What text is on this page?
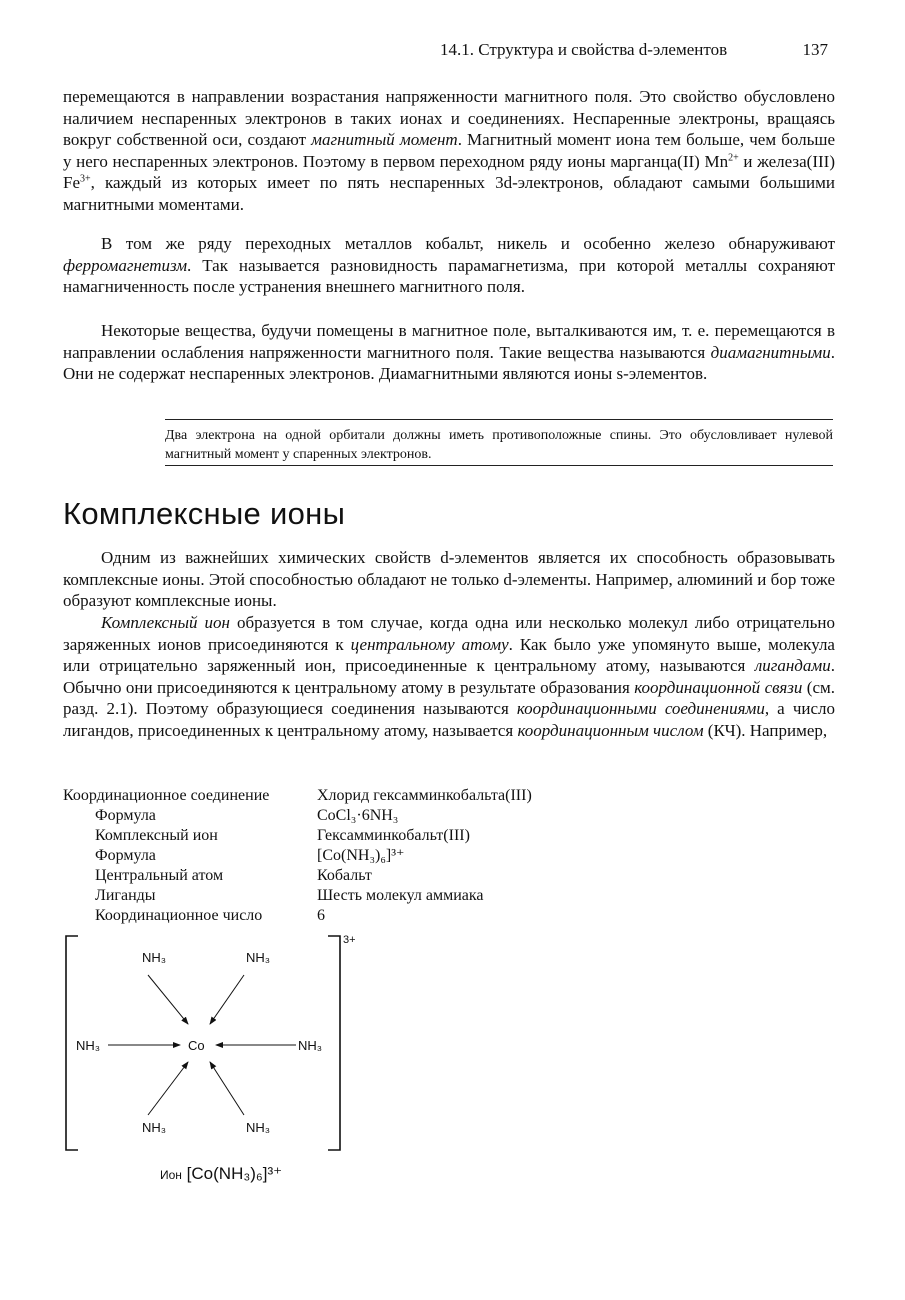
14.1. Структура и свойства d-элементов	137
перемещаются в направлении возрастания напряженности магнитного поля. Это свойство обусловлено наличием неспаренных электронов в таких ионах и соединениях. Неспаренные электроны, вращаясь вокруг собственной оси, создают магнитный момент. Магнитный момент иона тем больше, чем больше у него неспаренных электронов. Поэтому в первом переходном ряду ионы марганца(II) $Mn^{2+}$ и железа(III) $Fe^{3+}$, каждый из которых имеет по пять неспаренных 3d-электронов, обладают самыми большими магнитными моментами.
В том же ряду переходных металлов кобальт, никель и особенно железо обнаруживают ферромагнетизм. Так называется разновидность парамагнетизма, при которой металлы сохраняют намагниченность после устранения внешнего магнитного поля.
Некоторые вещества, будучи помещены в магнитное поле, выталкиваются им, т. е. перемещаются в направлении ослабления напряженности магнитного поля. Такие вещества называются диамагнитными. Они не содержат неспаренных электронов. Диамагнитными являются ионы s-элементов.
Два электрона на одной орбитали должны иметь противоположные спины. Это обусловливает нулевой магнитный момент у спаренных электронов.
Комплексные ионы
Одним из важнейших химических свойств d-элементов является их способность образовывать комплексные ионы. Этой способностью обладают не только d-элементы. Например, алюминий и бор тоже образуют комплексные ионы.
Комплексный ион образуется в том случае, когда одна или несколько молекул либо отрицательно заряженных ионов присоединяются к центральному атому. Как было уже упомянуто выше, молекула или отрицательно заряженный ион, присоединенные к центральному атому, называются лигандами. Обычно они присоединяются к центральному атому в результате образования координационной связи (см. разд. 2.1). Поэтому образующиеся соединения называются координационными соединениями, а число лигандов, присоединенных к центральному атому, называется координационным числом (КЧ). Например,
Координационное соединение	Хлорид гексамминкобальта(III)
Формула	CoCl₃·6NH₃
Комплексный ион	Гексамминкобальт(III)
Формула	[Co(NH₃)₆]³⁺
Центральный атом	Кобальт
Лиганды	Шесть молекул аммиака
Координационное число	6
3+
NH₃	NH₃
NH₃	NH₃
NH₃	NH₃
Co
Ион [Co(NH₃)₆]³⁺
